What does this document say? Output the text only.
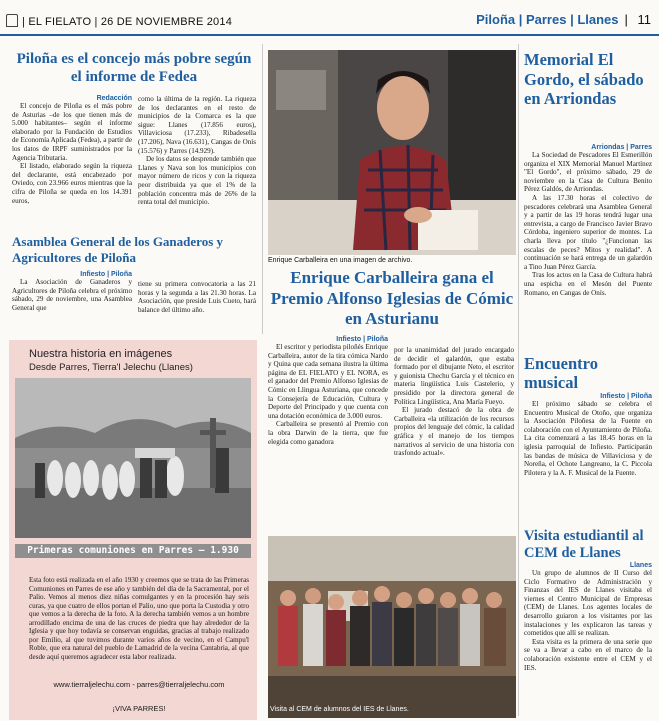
| EL FIELATO | 26 DE NOVIEMBRE 2014	Piloña | Parres | Llanes | 11
Piloña es el concejo más pobre según el informe de Fedea
Redacción

El concejo de Piloña es el más pobre de Asturias –de los que tienen más de 5.000 habitantes– según el informe elaborado por la Fundación de Estudios de Economía Aplicada (Fedea), a partir de los datos de IRPF suministrados por la Agencia Tributaria.

El listado, elaborado según la riqueza del declarante, está encabezado por Oviedo, con 23.966 euros mientras que la cifra de Piloña se queda en los 14.391 euros,

como la última de la región. La riqueza de los declarantes en el resto de municipios de la Comarca es la que sigue: Llanes (17.856 euros), Villaviciosa (17.233), Ribadesella (17.206), Nava (16.631), Cangas de Onís (15.576) y Parres (14.929).

De los datos se desprende también que Llanes y Nava son los municipios con mayor número de ricos y con la riqueza peor distribuida ya que el 1% de la población concentra más de 26% de la renta total del municipio.

Asamblea General de los Ganaderos y Agricultores de Piloña
Infiesto | Piloña

La Asociación de Ganaderos y Agricultores de Piloña celebra el próximo sábado, 29 de noviembre, una Asamblea General que

tiene su primera convocatoria a las 21 horas y la segunda a las 21.30 horas. La Asociación, que preside Luis Cueto, hará balance del último año.

Enrique Carballeira en una imagen de archivo.
Enrique Carballeira gana el Premio Alfonso Iglesias de Cómic en Asturianu
Infiesto | Piloña

El escritor y periodista piloñés Enrique Carballeira, autor de la tira cómica Nardo y Quina que cada semana ilustra la última página de EL FIELATO y EL NORA, es el ganador del Premio Alfonso Iglesias de Cómic en Llingua Asturiana, que concede la Consejería de Educación, Cultura y Deporte del Principado y que cuenta con una dotación económica de 3.000 euros.

Carballeira se presentó al Premio con la obra Darwin de la tierra, que fue elegida como ganadora

por la unanimidad del jurado encargado de decidir el galardón, que estaba formado por el dibujante Neto, el escritor y guionista Chechu García y el técnico en materia lingüística Luis Castelerio, y presidido por la directora general de Política Lingüística, Ana María Fueyo.

El jurado destacó de la obra de Carballeira «la utilización de los recursos propios del lenguaje del cómic, la calidad gráfica y el manejo de los tiempos narrativos al servicio de una historia con trasfondo actual».

Nuestra historia en imágenes
Desde Parres, Tierra'l Jelechu (Llanes)
Esta foto está realizada en el año 1930 y creemos que se trata de las Primeras Comuniones en Parres de ese año y también del día de la Sacramental, por el Palio. Vemos al menos diez niñas comulgantes y en la procesión hay seis curas, ya que cuatro de ellos portan el Palio, uno que porta la Custodia y otro que vemos a la derecha de la foto. A la derecha también vemos a un hombre arrodillado encima de una de las cruces de piedra que hay alrededor de la Iglesia y que hoy todavía se conservan enguidas, gracias al trabajo realizado por Emilio, al que tuvimos durante varios años de vecino, en el Campu'l Roble, que era natural del pueblo de Lamadrid de la vecina Cantabria, al que desde aquí queremos agradecer esta labor realizada.
www.tierraljelechu.com - parres@tierraljelechu.com
¡VIVA PARRES!
Primeras comuniones en Parres – 1.930
Visita al CEM de alumnos del IES de Llanes.
Memorial El Gordo, el sábado en Arriondas
Arriondas | Parres

La Sociedad de Pescadores El Esmerillón organiza el XIX Memorial Manuel Martínez "El Gordo", el próximo sábado, 29 de noviembre en la Casa de Cultura Benito Pérez Galdós, de Arriondas.

A las 17.30 horas el colectivo de pescadores celebrará una Asamblea General y a partir de las 19 horas tendrá lugar una entrevista, a cargo de Francisco Javier Bravo Córdoba, ingeniero superior de montes. La charla lleva por título "¿Funcionan las escalas de peces? Mitos y realidad". A continuación se hará entrega de un galardón a Tino Juan Pérez García.

Tras los actos en la Casa de Cultura habrá una espicha en el Mesón del Puente Romano, en Cangas de Onís.

Encuentro musical
Infiesto | Piloña

El próximo sábado se celebra el Encuentro Musical de Otoño, que organiza la Asociación Piloñesa de la Fuente en colaboración con el Ayuntamiento de Piloña. La cita comenzará a las 18.45 horas en la iglesia parroquial de Infiesto. Participarán las bandas de música de Villaviciosa y de Noreña, el Ochote Langreano, la C. Piccola Pilotera y la A. F. Musical de la Fuente.

Visita estudiantil al CEM de Llanes
Llanes

Un grupo de alumnos de II Curso del Ciclo Formativo de Administración y Finanzas del IES de Llanes visitaba el viernes el Centro Municipal de Empresas (CEM) de Llanes. Los agentes locales de desarrollo guiaron a los visitantes por las instalaciones y les explicaron las tareas y cometidos que allí se realizan.

Esta visita es la primera de una serie que se va a llevar a cabo en el marco de la colaboración existente entre el CEM y el IES.
